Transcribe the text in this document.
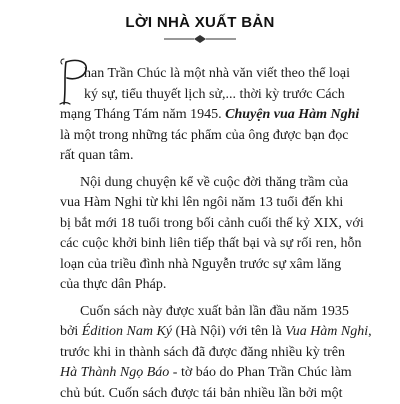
LỜI NHÀ XUẤT BẢN
P
han Trần Chúc là một nhà văn viết theo thể loại
ký sự, tiểu thuyết lịch sử,... thời kỳ trước Cách
mạng Tháng Tám năm 1945. Chuyện vua Hàm Nghi
là một trong những tác phẩm của ông được bạn đọc
rất quan tâm.
Nội dung chuyện kể về cuộc đời thăng trầm của
vua Hàm Nghi từ khi lên ngôi năm 13 tuổi đến khi
bị bắt mới 18 tuổi trong bối cảnh cuối thế kỷ XIX, với
các cuộc khởi binh liên tiếp thất bại và sự rối ren, hỗn
loạn của triều đình nhà Nguyễn trước sự xâm lăng
của thực dân Pháp.
Cuốn sách này được xuất bản lần đầu năm 1935
bởi Édition Nam Ký (Hà Nội) với tên là Vua Hàm Nghi,
trước khi in thành sách đã được đăng nhiều kỳ trên
Hà Thành Ngọ Báo - tờ báo do Phan Trần Chúc làm
chủ bút. Cuốn sách được tái bản nhiều lần bởi một
